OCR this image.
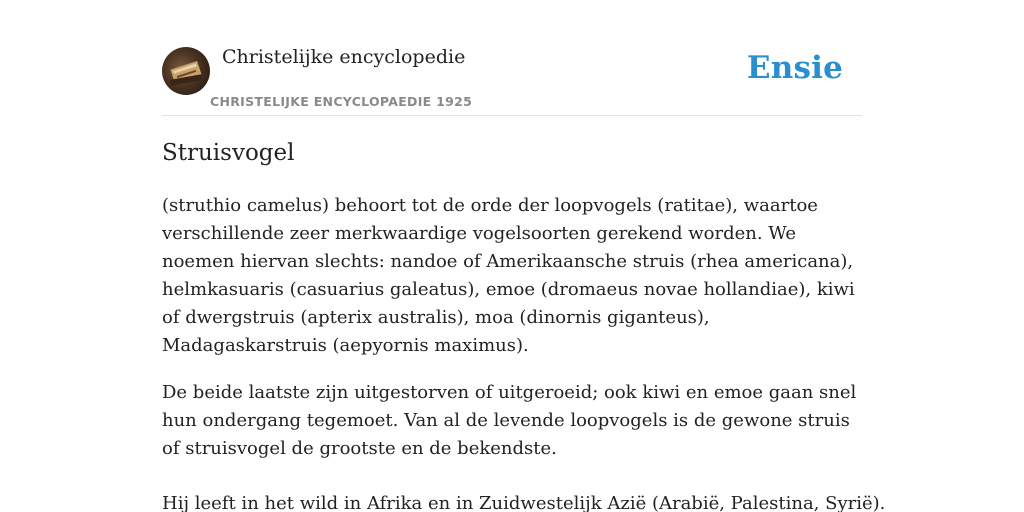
Christelijke encyclopedie
CHRISTELIJKE ENCYCLOPAEDIE 1925
Ensie
Struisvogel

(struthio camelus) behoort tot de orde der loopvogels (ratitae), waartoe verschillende zeer merkwaardige vogelsoorten gerekend worden. We noemen hiervan slechts: nandoe of Amerikaansche struis (rhea americana), helmkasuaris (casuarius galeatus), emoe (dromaeus novae hollandiae), kiwi of dwergstruis (apterix australis), moa (dinornis giganteus), Madagaskarstruis (aepyornis maximus).

De beide laatste zijn uitgestorven of uitgeroeid; ook kiwi en emoe gaan snel hun ondergang tegemoet. Van al de levende loopvogels is de gewone struis of struisvogel de grootste en de bekendste.

Hij leeft in het wild in Afrika en in Zuidwestelijk Azië (Arabië, Palestina, Syrië).
